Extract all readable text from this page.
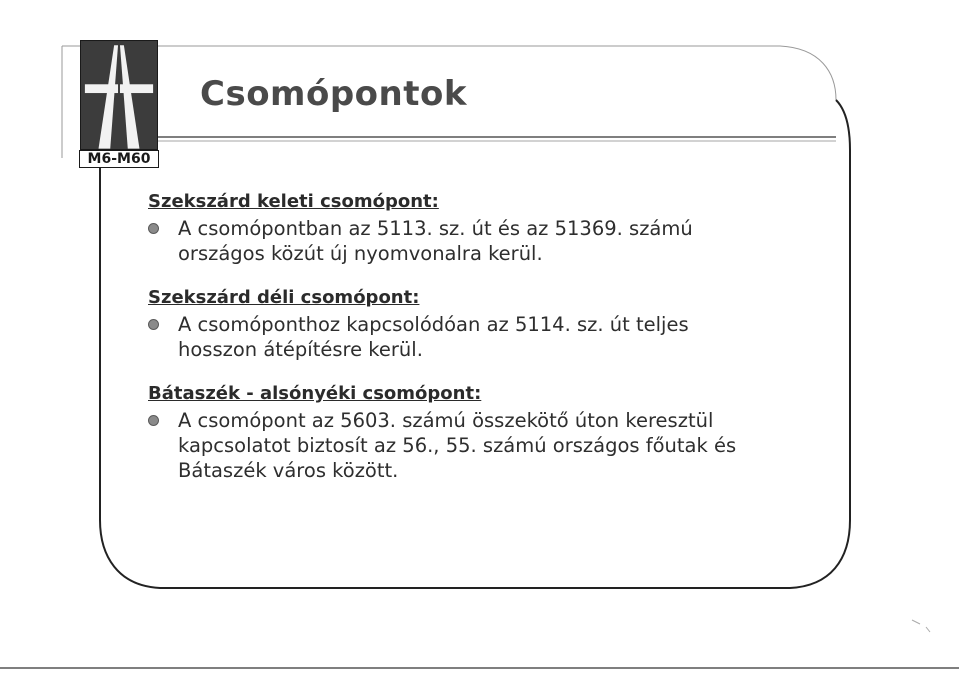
M6-M60
Csomópontok
Szekszárd keleti csomópont:
A csomópontban az 5113. sz. út és az 51369. számú
országos közút új nyomvonalra kerül.
Szekszárd déli csomópont:
A csomóponthoz kapcsolódóan az 5114. sz. út teljes
hosszon átépítésre kerül.
Bátaszék - alsónyéki csomópont:
A csomópont az 5603. számú összekötő úton keresztül
kapcsolatot biztosít az 56., 55. számú országos főutak és
Bátaszék város között.
